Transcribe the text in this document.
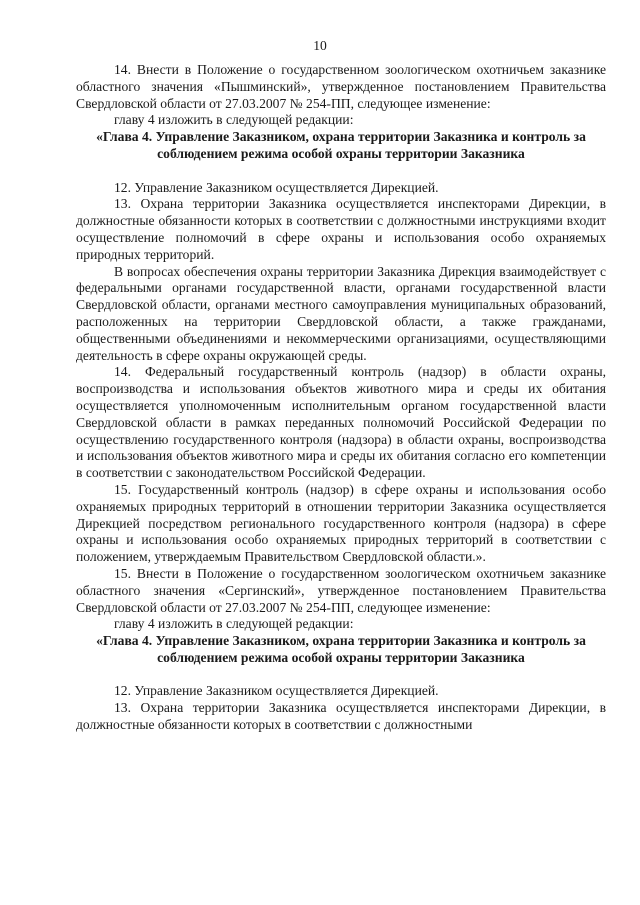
10

14. Внести в Положение о государственном зоологическом охотничьем заказнике областного значения «Пышминский», утвержденное постановлением Правительства Свердловской области от 27.03.2007 № 254-ПП, следующее изменение:

главу 4 изложить в следующей редакции:

«Глава 4. Управление Заказником, охрана территории Заказника и контроль за соблюдением режима особой охраны территории Заказника

12. Управление Заказником осуществляется Дирекцией.

13. Охрана территории Заказника осуществляется инспекторами Дирекции, в должностные обязанности которых в соответствии с должностными инструкциями входит осуществление полномочий в сфере охраны и использования особо охраняемых природных территорий.

В вопросах обеспечения охраны территории Заказника Дирекция взаимодействует с федеральными органами государственной власти, органами государственной власти Свердловской области, органами местного самоуправления муниципальных образований, расположенных на территории Свердловской области, а также гражданами, общественными объединениями и некоммерческими организациями, осуществляющими деятельность в сфере охраны окружающей среды.

14. Федеральный государственный контроль (надзор) в области охраны, воспроизводства и использования объектов животного мира и среды их обитания осуществляется уполномоченным исполнительным органом государственной власти Свердловской области в рамках переданных полномочий Российской Федерации по осуществлению государственного контроля (надзора) в области охраны, воспроизводства и использования объектов животного мира и среды их обитания согласно его компетенции в соответствии с законодательством Российской Федерации.

15. Государственный контроль (надзор) в сфере охраны и использования особо охраняемых природных территорий в отношении территории Заказника осуществляется Дирекцией посредством регионального государственного контроля (надзора) в сфере охраны и использования особо охраняемых природных территорий в соответствии с положением, утверждаемым Правительством Свердловской области.».

15. Внести в Положение о государственном зоологическом охотничьем заказнике областного значения «Сергинский», утвержденное постановлением Правительства Свердловской области от 27.03.2007 № 254-ПП, следующее изменение:

главу 4 изложить в следующей редакции:

«Глава 4. Управление Заказником, охрана территории Заказника и контроль за соблюдением режима особой охраны территории Заказника

12. Управление Заказником осуществляется Дирекцией.

13. Охрана территории Заказника осуществляется инспекторами Дирекции, в должностные обязанности которых в соответствии с должностными
